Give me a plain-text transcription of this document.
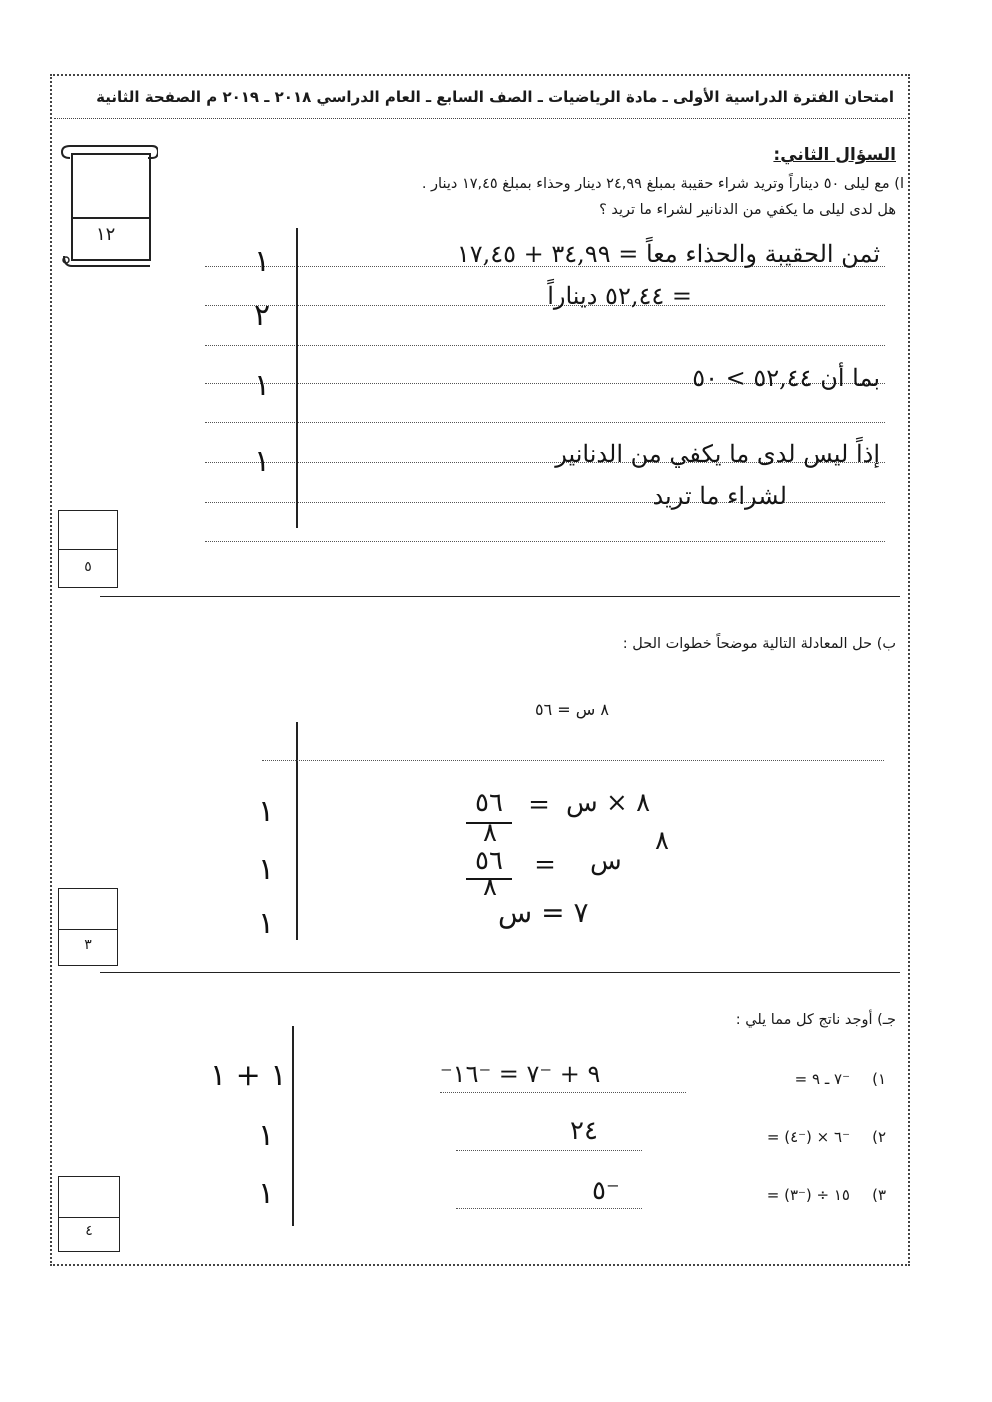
امتحان الفترة الدراسية الأولى ـ مادة الرياضيات ـ الصف السابع ـ العام الدراسي ٢٠١٨ ـ ٢٠١٩ م الصفحة الثانية
١٢
السؤال الثاني:
ا) مع ليلى ٥٠ ديناراً وتريد شراء حقيبة بمبلغ ٢٤,٩٩ دينار وحذاء بمبلغ ١٧,٤٥ دينار .
هل لدى ليلى ما يكفي من الدنانير لشراء ما تريد ؟
ثمن الحقيبة والحذاء معاً = ٣٤,٩٩ + ١٧,٤٥
= ٥٢,٤٤ ديناراً
بما أن ٥٢,٤٤ > ٥٠
إذاً ليس لدى ما يكفي من الدنانير
لشراء ما تريد
١
٢
١
١
٥
ب) حل المعادلة التالية موضحاً خطوات الحل :
٨ س = ٥٦
٥٦
٨
= ٨ × س
٨
٥٦
٨
= س
٧ = س
١
١
١
٣
جـ) أوجد ناتج كل مما يلي :
١)
⁻٧ ـ ٩ =
⁻٩ + ⁻٧ = ⁻١٦
٢)
⁻٦ × (⁻٤) =
٢٤
٣)
١٥ ÷ (⁻٣) =
⁻٥
١ + ١
١
١
٤
